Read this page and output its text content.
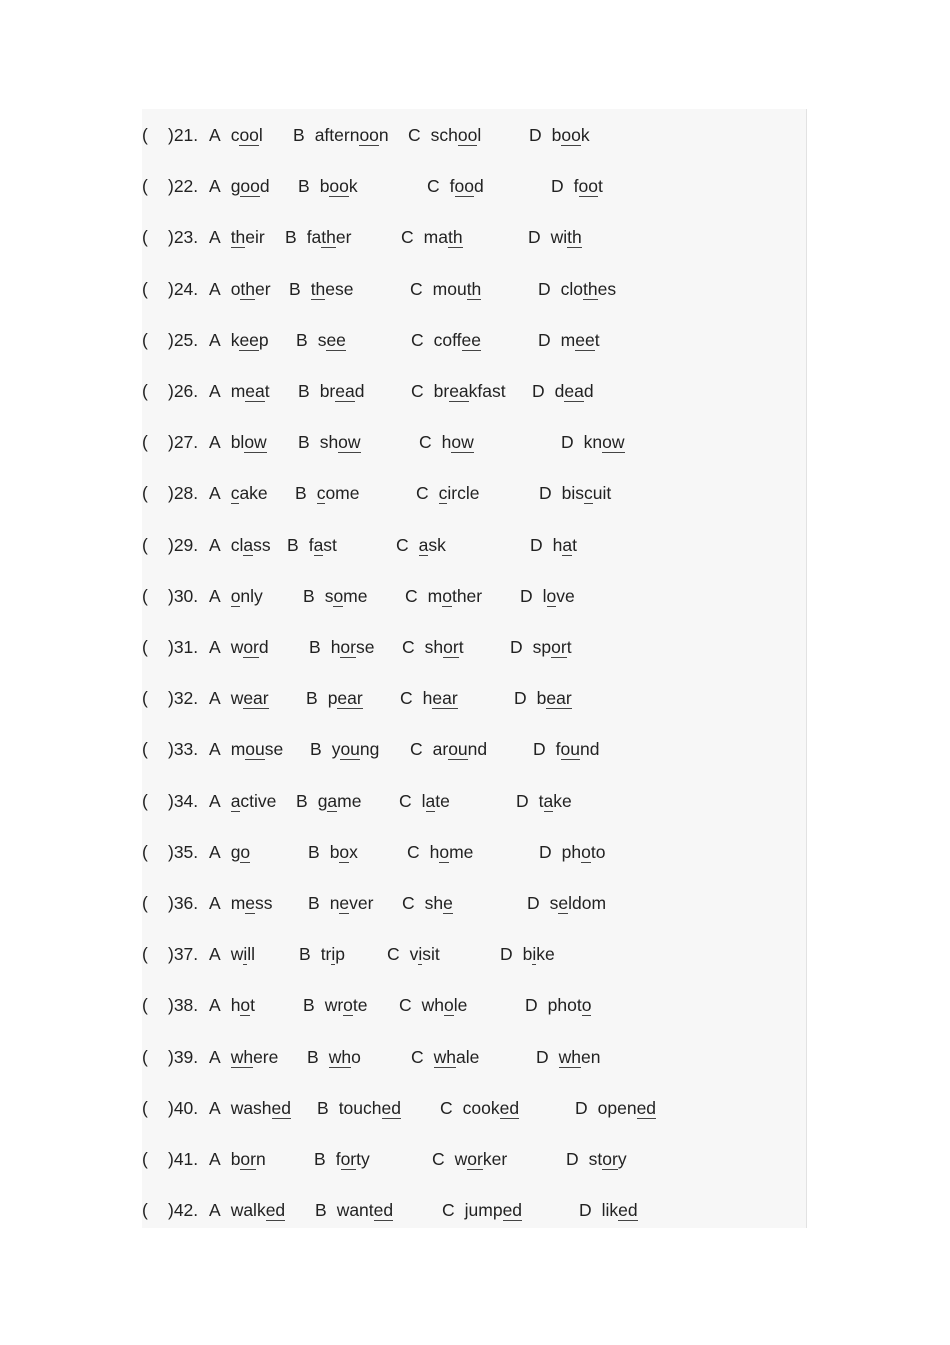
( )21. A cool B afternoon C school	D book
( )22. A good B book	C food	D foot
( )23. A their B father	C math	D with
( )24. A other B these	C mouth	D clothes
( )25. A keep B see	C coffee	D meet
( )26. A meat B bread	C breakfast D dead
( )27. A blow B show	C how	D know
( )28. A cake B come	C circle	D biscuit
( )29. A class B fast	C ask	D hat
( )30. A only B some C mother D love
( )31. A word B horse C short	D sport
( )32. A wear B pear C hear	D bear
( )33. A mouse B young C around	D found
( )34. A active B game C late	D take
( )35. A go	B box	C home	D photo
( )36. A mess B never C she	D seldom
( )37. A will	B trip C visit	D bike
( )38. A hot	B wrote C whole	D photo
( )39. A where B who	C whale	D when
( )40. A washed B touched C cooked	D opened
( )41. A born	B forty	C worker	D story
( )42. A walked B wanted	C jumped	D liked
